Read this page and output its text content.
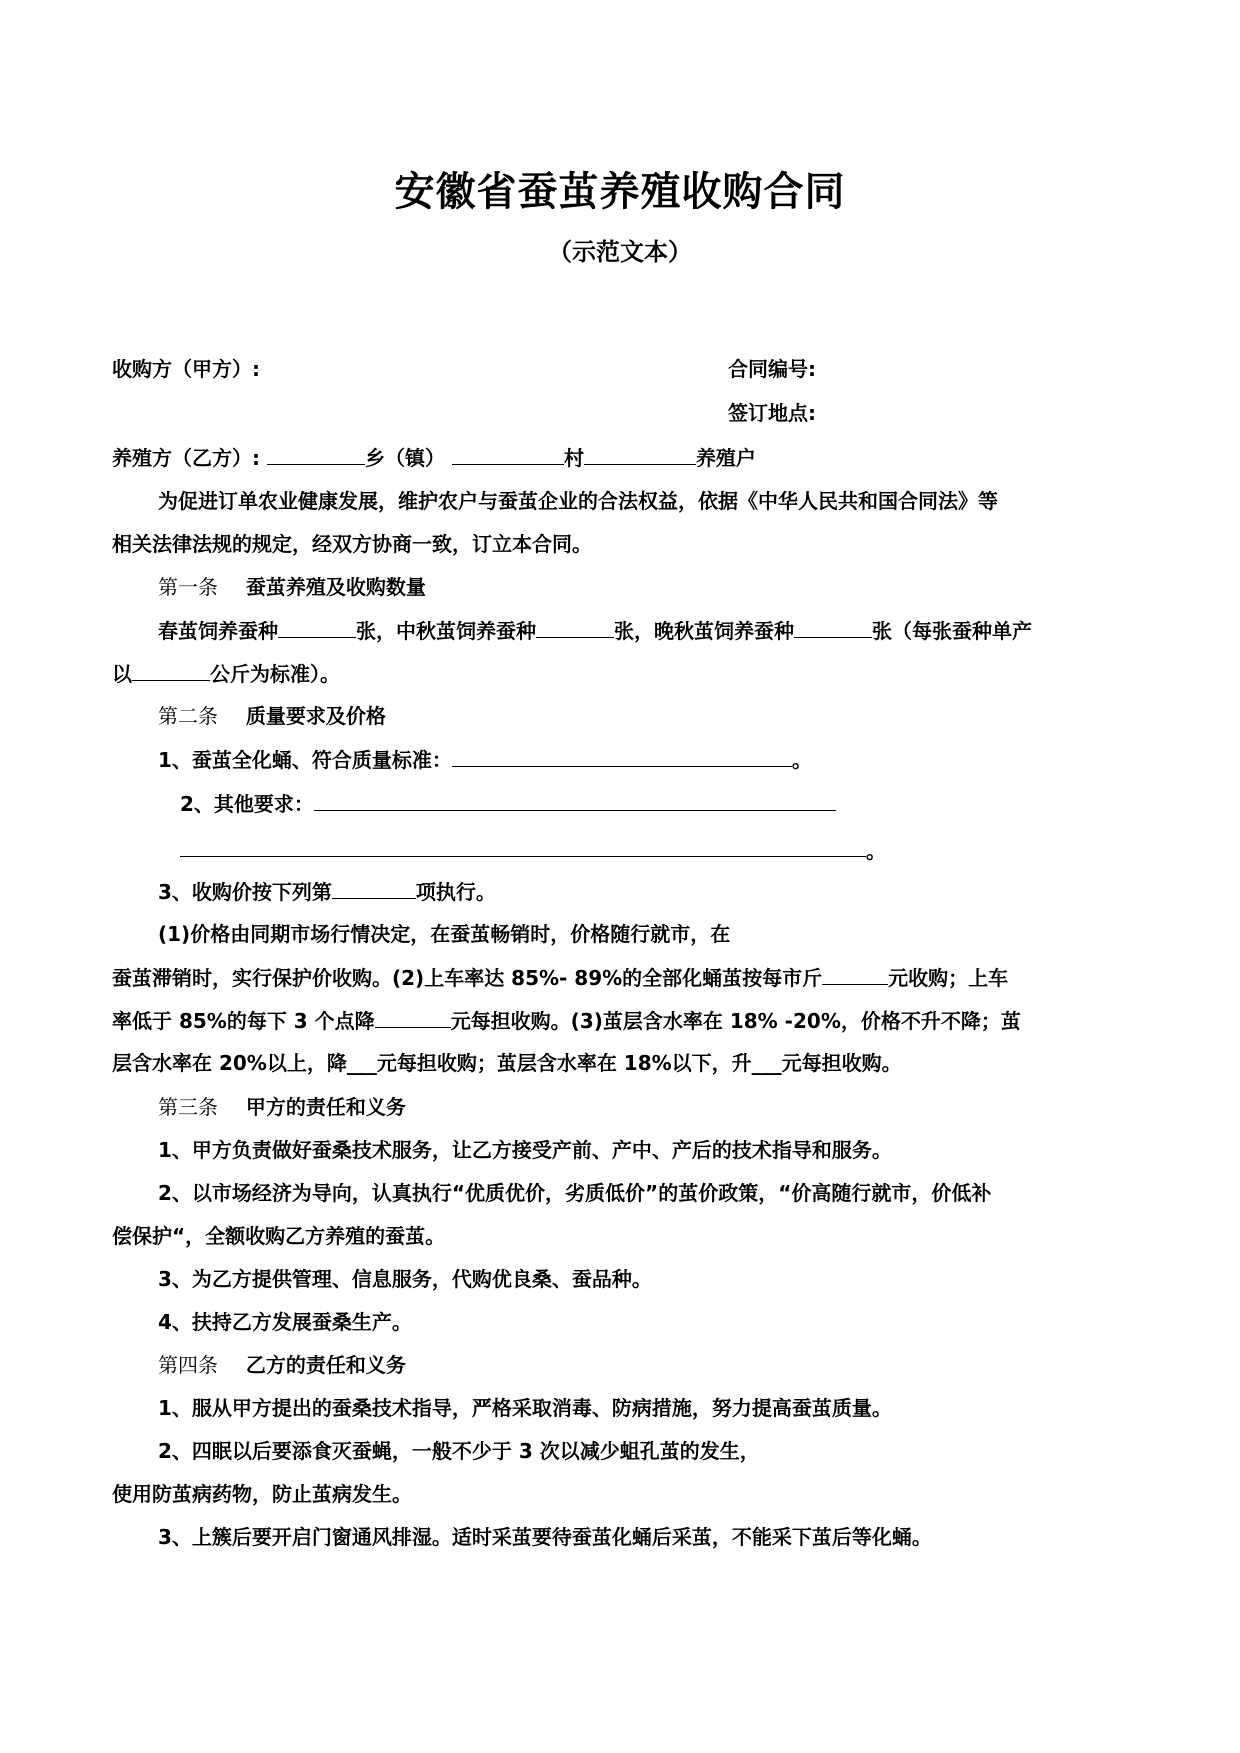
安徽省蚕茧养殖收购合同
（示范文本）
收购方（甲方）:	合同编号:
签订地点:
养殖方（乙方）:	乡（镇）	村	养殖户
为促进订单农业健康发展，维护农户与蚕茧企业的合法权益，依据《中华人民共和国合同法》等
相关法律法规的规定，经双方协商一致，订立本合同。
第一条 蚕茧养殖及收购数量
春茧饲养蚕种	张，中秋茧饲养蚕种	张，晚秋茧饲养蚕种	张（每张蚕种单产
以	公斤为标准）。
第二条 质量要求及价格
1、蚕茧全化蛹、符合质量标准：	。
2、其他要求：
。
3、收购价按下列第	项执行。
(1)价格由同期市场行情决定，在蚕茧畅销时，价格随行就市，在
蚕茧滞销时，实行保护价收购。(2)上车率达 85%- 89%的全部化蛹茧按每市斤	元收购；上车
率低于 85%的每下 3 个点降	元每担收购。(3)茧层含水率在 18% -20%，价格不升不降；茧
层含水率在 20%以上，降___元每担收购；茧层含水率在 18%以下，升___元每担收购。
第三条 甲方的责任和义务
1、甲方负责做好蚕桑技术服务，让乙方接受产前、产中、产后的技术指导和服务。
2、以市场经济为导向，认真执行“优质优价，劣质低价”的茧价政策，“价高随行就市，价低补
偿保护“，全额收购乙方养殖的蚕茧。
3、为乙方提供管理、信息服务，代购优良桑、蚕品种。
4、扶持乙方发展蚕桑生产。
第四条 乙方的责任和义务
1、服从甲方提出的蚕桑技术指导，严格采取消毒、防病措施，努力提高蚕茧质量。
2、四眠以后要添食灭蚕蝇，一般不少于 3 次以减少蛆孔茧的发生，
使用防茧病药物，防止茧病发生。
3、上簇后要开启门窗通风排湿。适时采茧要待蚕茧化蛹后采茧，不能采下茧后等化蛹。
